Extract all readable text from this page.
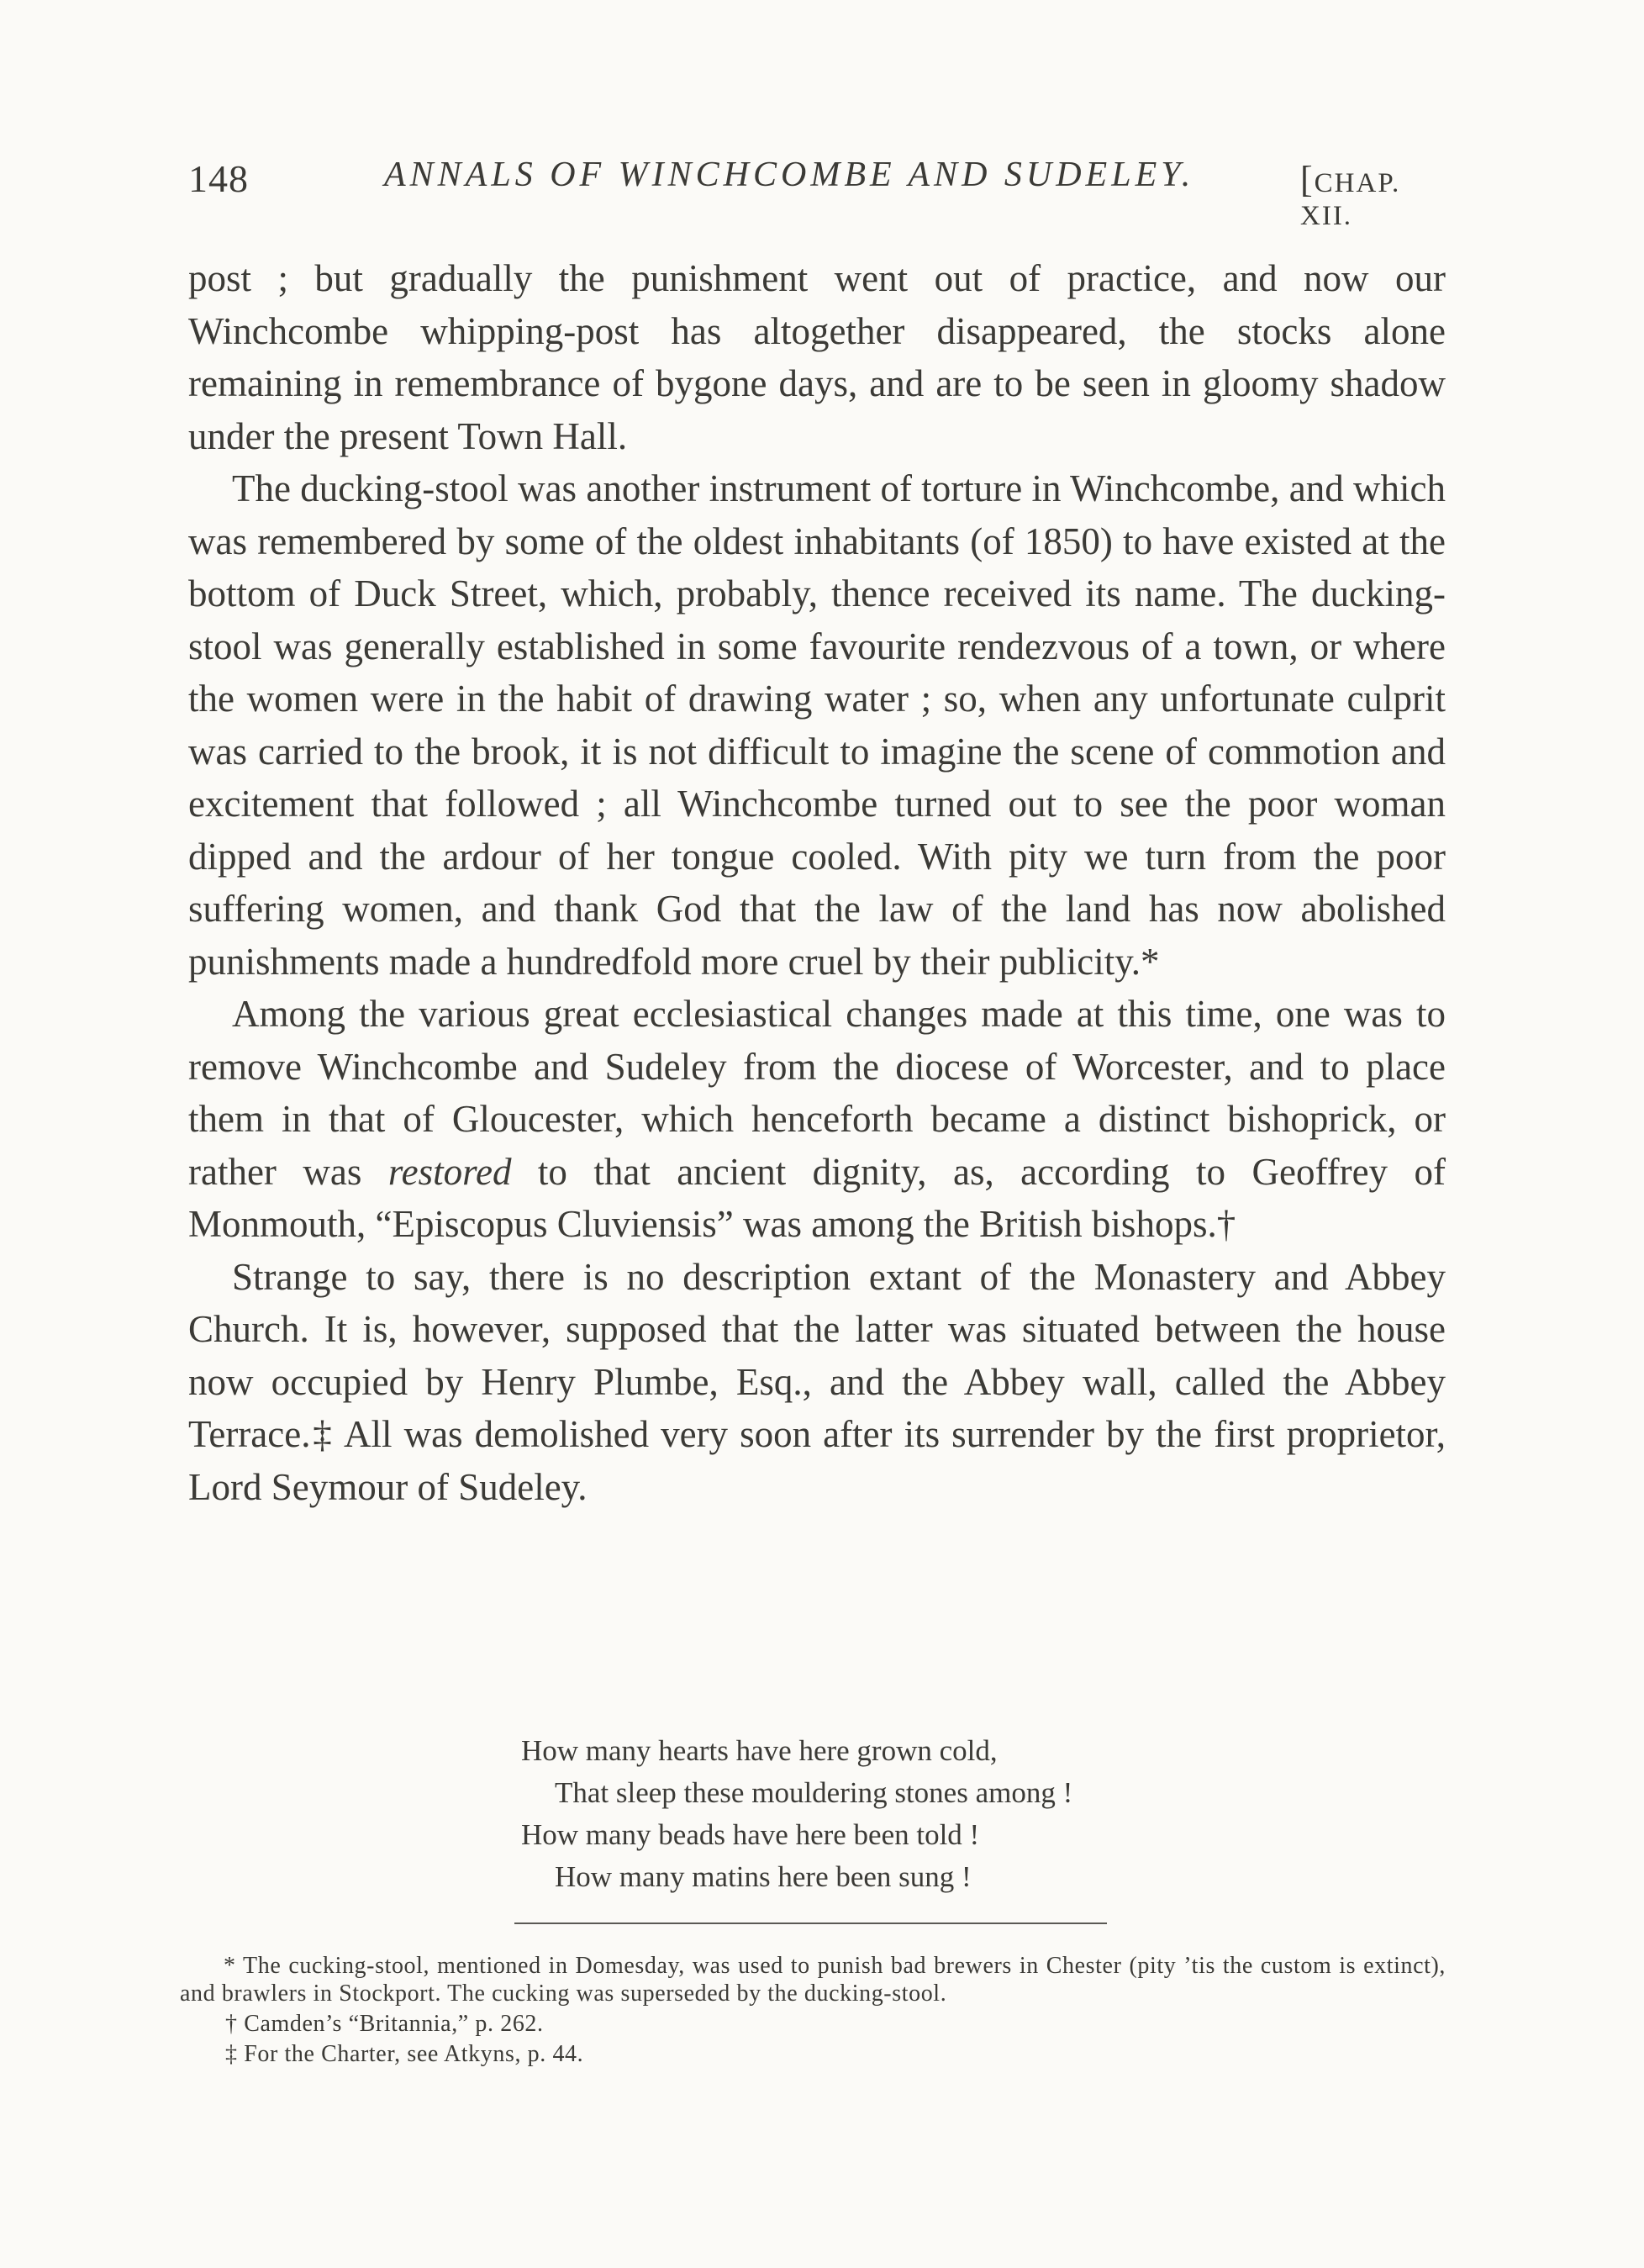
148	ANNALS OF WINCHCOMBE AND SUDELEY.	[CHAP. XII.

post ; but gradually the punishment went out of practice, and now our Winchcombe whipping-post has altogether disappeared, the stocks alone remaining in remembrance of bygone days, and are to be seen in gloomy shadow under the present Town Hall.

The ducking-stool was another instrument of torture in Winchcombe, and which was remembered by some of the oldest inhabitants (of 1850) to have existed at the bottom of Duck Street, which, probably, thence received its name. The ducking-stool was generally established in some favourite rendezvous of a town, or where the women were in the habit of drawing water ; so, when any unfortunate culprit was carried to the brook, it is not difficult to imagine the scene of commotion and excitement that followed ; all Winchcombe turned out to see the poor woman dipped and the ardour of her tongue cooled. With pity we turn from the poor suffering women, and thank God that the law of the land has now abolished punishments made a hundredfold more cruel by their publicity.*

Among the various great ecclesiastical changes made at this time, one was to remove Winchcombe and Sudeley from the diocese of Worcester, and to place them in that of Gloucester, which henceforth became a distinct bishoprick, or rather was restored to that ancient dignity, as, according to Geoffrey of Monmouth, “Episcopus Cluviensis” was among the British bishops.†

Strange to say, there is no description extant of the Monastery and Abbey Church. It is, however, supposed that the latter was situated between the house now occupied by Henry Plumbe, Esq., and the Abbey wall, called the Abbey Terrace.‡ All was demolished very soon after its surrender by the first proprietor, Lord Seymour of Sudeley.

How many hearts have here grown cold,
That sleep these mouldering stones among !
How many beads have here been told !
How many matins here been sung !

* The cucking-stool, mentioned in Domesday, was used to punish bad brewers in Chester (pity ’tis the custom is extinct), and brawlers in Stockport. The cucking was superseded by the ducking-stool.

† Camden’s “Britannia,” p. 262.

‡ For the Charter, see Atkyns, p. 44.
